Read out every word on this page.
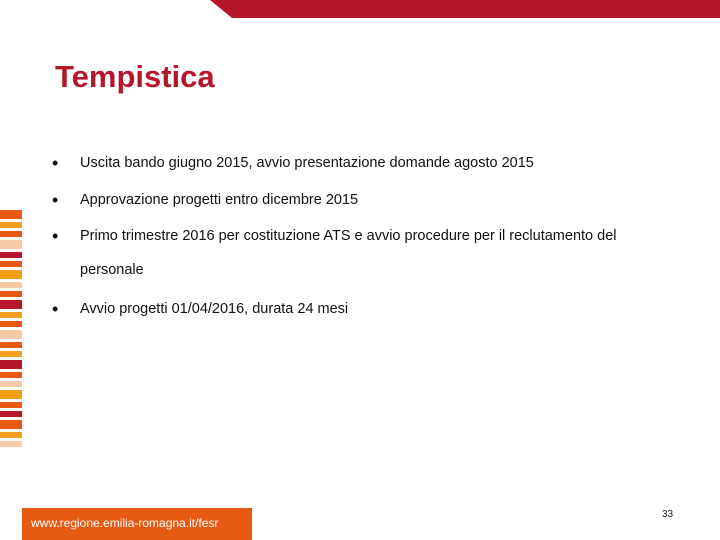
Tempistica
• Uscita bando giugno 2015, avvio presentazione domande agosto 2015
• Approvazione progetti entro dicembre 2015
• Primo trimestre 2016 per costituzione ATS e avvio procedure per il reclutamento del personale
• Avvio progetti 01/04/2016, durata 24 mesi
www.regione.emilia-romagna.it/fesr
33
